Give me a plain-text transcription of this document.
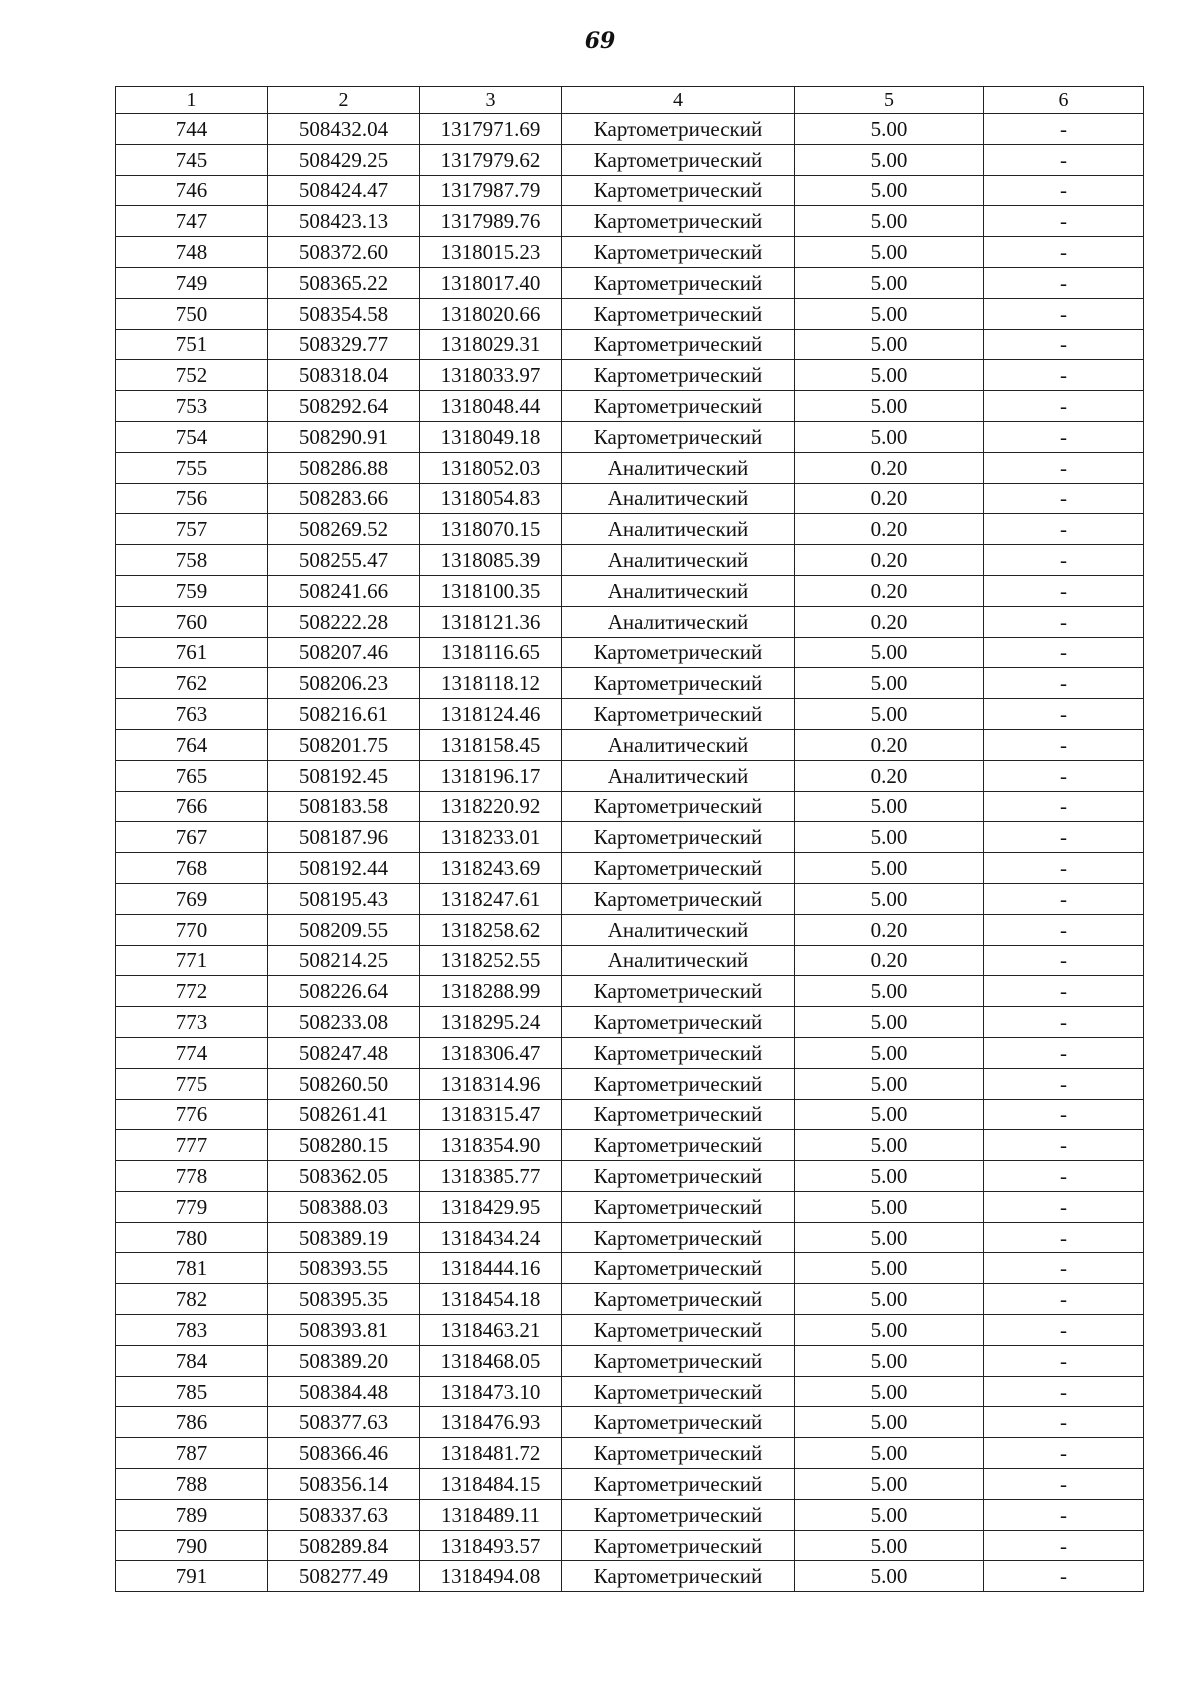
69
1	2	3	4	5	6
744	508432.04	1317971.69	Картометрический	5.00	-
745	508429.25	1317979.62	Картометрический	5.00	-
746	508424.47	1317987.79	Картометрический	5.00	-
747	508423.13	1317989.76	Картометрический	5.00	-
748	508372.60	1318015.23	Картометрический	5.00	-
749	508365.22	1318017.40	Картометрический	5.00	-
750	508354.58	1318020.66	Картометрический	5.00	-
751	508329.77	1318029.31	Картометрический	5.00	-
752	508318.04	1318033.97	Картометрический	5.00	-
753	508292.64	1318048.44	Картометрический	5.00	-
754	508290.91	1318049.18	Картометрический	5.00	-
755	508286.88	1318052.03	Аналитический	0.20	-
756	508283.66	1318054.83	Аналитический	0.20	-
757	508269.52	1318070.15	Аналитический	0.20	-
758	508255.47	1318085.39	Аналитический	0.20	-
759	508241.66	1318100.35	Аналитический	0.20	-
760	508222.28	1318121.36	Аналитический	0.20	-
761	508207.46	1318116.65	Картометрический	5.00	-
762	508206.23	1318118.12	Картометрический	5.00	-
763	508216.61	1318124.46	Картометрический	5.00	-
764	508201.75	1318158.45	Аналитический	0.20	-
765	508192.45	1318196.17	Аналитический	0.20	-
766	508183.58	1318220.92	Картометрический	5.00	-
767	508187.96	1318233.01	Картометрический	5.00	-
768	508192.44	1318243.69	Картометрический	5.00	-
769	508195.43	1318247.61	Картометрический	5.00	-
770	508209.55	1318258.62	Аналитический	0.20	-
771	508214.25	1318252.55	Аналитический	0.20	-
772	508226.64	1318288.99	Картометрический	5.00	-
773	508233.08	1318295.24	Картометрический	5.00	-
774	508247.48	1318306.47	Картометрический	5.00	-
775	508260.50	1318314.96	Картометрический	5.00	-
776	508261.41	1318315.47	Картометрический	5.00	-
777	508280.15	1318354.90	Картометрический	5.00	-
778	508362.05	1318385.77	Картометрический	5.00	-
779	508388.03	1318429.95	Картометрический	5.00	-
780	508389.19	1318434.24	Картометрический	5.00	-
781	508393.55	1318444.16	Картометрический	5.00	-
782	508395.35	1318454.18	Картометрический	5.00	-
783	508393.81	1318463.21	Картометрический	5.00	-
784	508389.20	1318468.05	Картометрический	5.00	-
785	508384.48	1318473.10	Картометрический	5.00	-
786	508377.63	1318476.93	Картометрический	5.00	-
787	508366.46	1318481.72	Картометрический	5.00	-
788	508356.14	1318484.15	Картометрический	5.00	-
789	508337.63	1318489.11	Картометрический	5.00	-
790	508289.84	1318493.57	Картометрический	5.00	-
791	508277.49	1318494.08	Картометрический	5.00	-
